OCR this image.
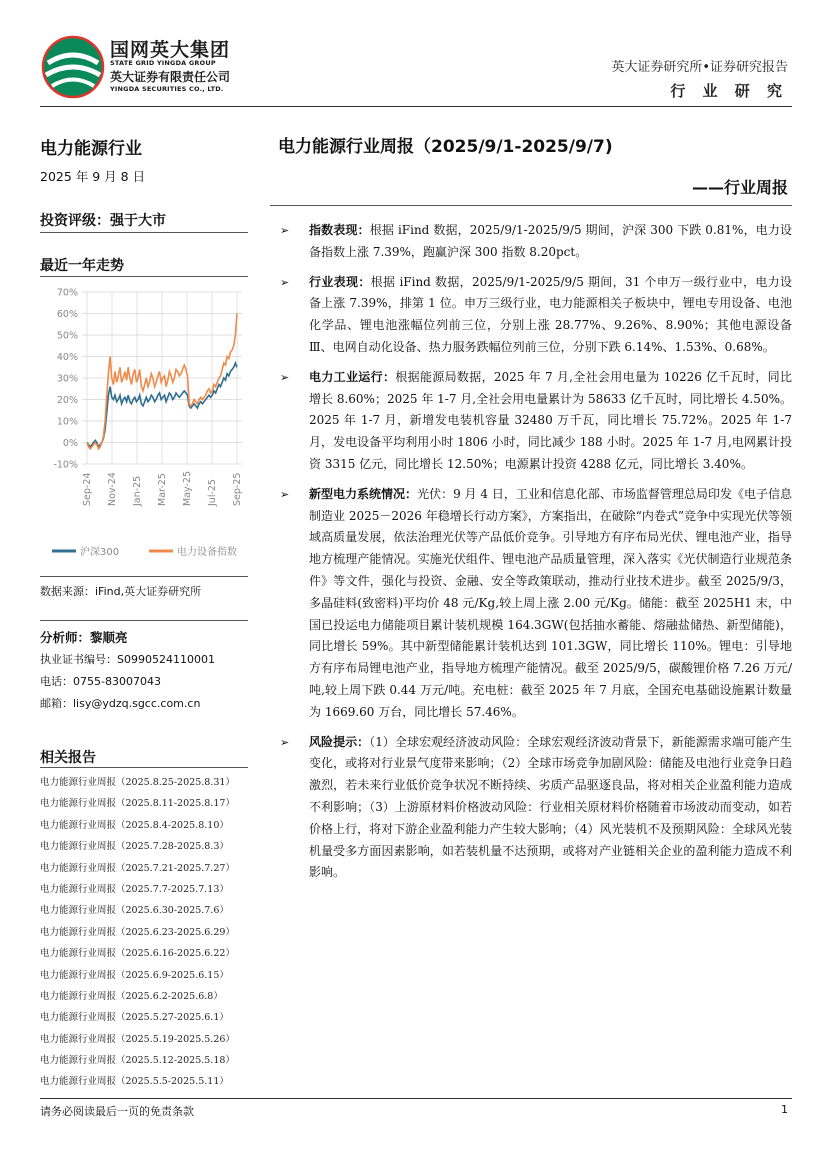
国网英大集团
STATE GRID YINGDA GROUP
英大证券有限责任公司
YINGDA SECURITIES CO., LTD.
英大证券研究所•证券研究报告
行 业 研 究
电力能源行业
2025 年 9 月 8 日
投资评级：强于大市
最近一年走势
-10%
0%
10%
20%
30%
40%
50%
60%
70%
Sep-24 Nov-24 Jan-25 Mar-25 May-25 Jul-25 Sep-25
沪深300	电力设备指数
数据来源：iFind,英大证券研究所
分析师：黎顺亮
执业证书编号：S0990524110001
电话：0755-83007043
邮箱：lisy@ydzq.sgcc.com.cn
相关报告
电力能源行业周报（2025.8.25-2025.8.31）
电力能源行业周报（2025.8.11-2025.8.17）
电力能源行业周报（2025.8.4-2025.8.10）
电力能源行业周报（2025.7.28-2025.8.3）
电力能源行业周报（2025.7.21-2025.7.27）
电力能源行业周报（2025.7.7-2025.7.13）
电力能源行业周报（2025.6.30-2025.7.6）
电力能源行业周报（2025.6.23-2025.6.29）
电力能源行业周报（2025.6.16-2025.6.22）
电力能源行业周报（2025.6.9-2025.6.15）
电力能源行业周报（2025.6.2-2025.6.8）
电力能源行业周报（2025.5.27-2025.6.1）
电力能源行业周报（2025.5.19-2025.5.26）
电力能源行业周报（2025.5.12-2025.5.18）
电力能源行业周报（2025.5.5-2025.5.11）
电力能源行业周报（2025/9/1-2025/9/7)
——行业周报
➢ 指数表现：根据 iFind 数据，2025/9/1-2025/9/5 期间，沪深 300 下跌 0.81%，电力设备指数上涨 7.39%，跑赢沪深 300 指数 8.20pct。
➢ 行业表现：根据 iFind 数据，2025/9/1-2025/9/5 期间，31 个申万一级行业中，电力设备上涨 7.39%，排第 1 位。申万三级行业，电力能源相关子板块中，锂电专用设备、电池化学品、锂电池涨幅位列前三位，分别上涨 28.77%、9.26%、8.90%；其他电源设备Ⅲ、电网自动化设备、热力服务跌幅位列前三位，分别下跌 6.14%、1.53%、0.68%。
➢ 电力工业运行：根据能源局数据，2025 年 7 月,全社会用电量为 10226 亿千瓦时，同比增长 8.60%；2025 年 1-7 月,全社会用电量累计为 58633 亿千瓦时，同比增长 4.50%。2025 年 1-7 月，新增发电装机容量 32480 万千瓦，同比增长 75.72%。2025 年 1-7 月，发电设备平均利用小时 1806 小时，同比减少 188 小时。2025 年 1-7 月,电网累计投资 3315 亿元，同比增长 12.50%；电源累计投资 4288 亿元，同比增长 3.40%。
➢ 新型电力系统情况：光伏：9 月 4 日，工业和信息化部、市场监督管理总局印发《电子信息制造业 2025－2026 年稳增长行动方案》，方案指出，在破除“内卷式”竞争中实现光伏等领域高质量发展，依法治理光伏等产品低价竞争。引导地方有序布局光伏、锂电池产业，指导地方梳理产能情况。实施光伏组件、锂电池产品质量管理，深入落实《光伏制造行业规范条件》等文件，强化与投资、金融、安全等政策联动，推动行业技术进步。截至 2025/9/3，多晶硅料(致密料)平均价 48 元/Kg,较上周上涨 2.00 元/Kg。储能：截至 2025H1 末，中国已投运电力储能项目累计装机规模 164.3GW(包括抽水蓄能、熔融盐储热、新型储能)，同比增长 59%。其中新型储能累计装机达到 101.3GW，同比增长 110%。锂电：引导地方有序布局锂电池产业，指导地方梳理产能情况。截至 2025/9/5，碳酸锂价格 7.26 万元/吨,较上周下跌 0.44 万元/吨。充电桩：截至 2025 年 7 月底，全国充电基础设施累计数量为 1669.60 万台，同比增长 57.46%。
➢ 风险提示：（1）全球宏观经济波动风险：全球宏观经济波动背景下，新能源需求端可能产生变化，或将对行业景气度带来影响；（2）全球市场竞争加剧风险：储能及电池行业竞争日趋激烈，若未来行业低价竞争状况不断持续、劣质产品驱逐良品，将对相关企业盈利能力造成不利影响；（3）上游原材料价格波动风险：行业相关原材料价格随着市场波动而变动，如若价格上行，将对下游企业盈利能力产生较大影响；（4）风光装机不及预期风险：全球风光装机量受多方面因素影响，如若装机量不达预期，或将对产业链相关企业的盈利能力造成不利影响。
请务必阅读最后一页的免责条款	1
